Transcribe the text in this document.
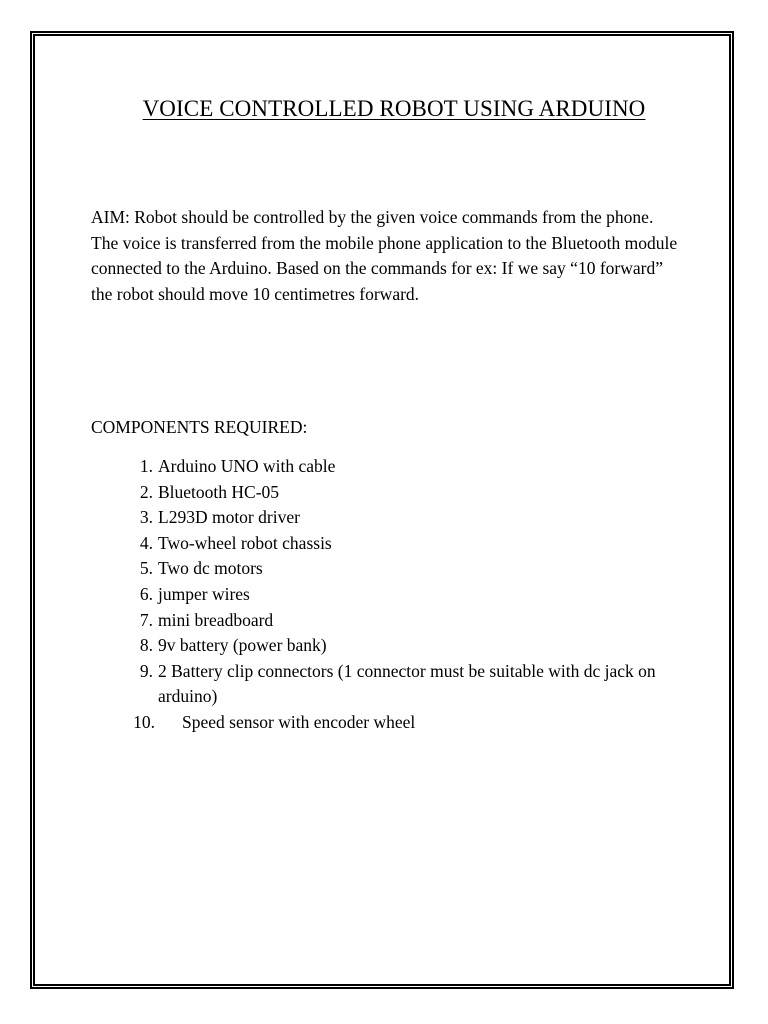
VOICE CONTROLLED ROBOT USING ARDUINO

AIM: Robot should be controlled by the given voice commands from the phone. The voice is transferred from the mobile phone application to the Bluetooth module connected to the Arduino. Based on the commands for ex: If we say “10 forward” the robot should move 10 centimetres forward.

COMPONENTS REQUIRED:
1. Arduino UNO with cable
2. Bluetooth HC-05
3. L293D motor driver
4. Two-wheel robot chassis
5. Two dc motors
6. jumper wires
7. mini breadboard
8. 9v battery (power bank)
9. 2 Battery clip connectors (1 connector must be suitable with dc jack on arduino)
10. Speed sensor with encoder wheel
